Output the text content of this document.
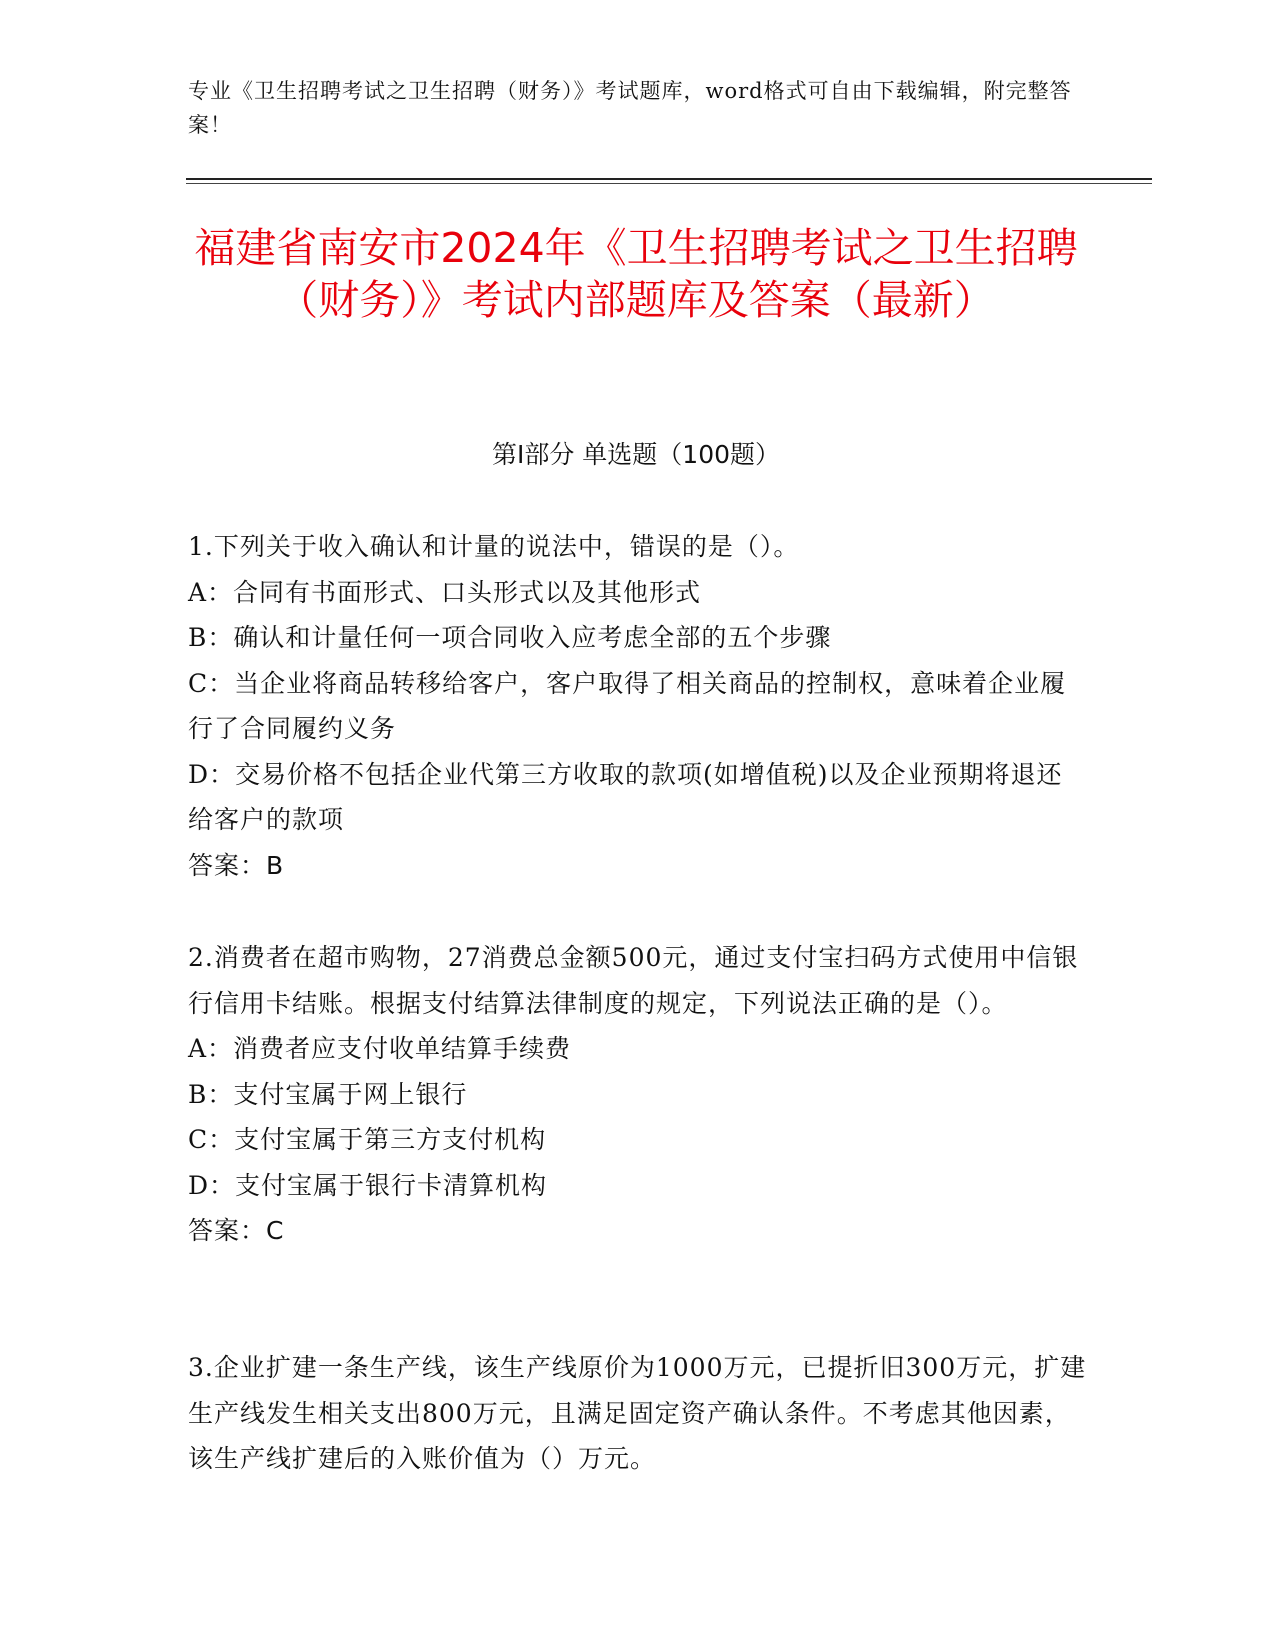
专业《卫生招聘考试之卫生招聘（财务）》考试题库，word格式可自由下载编辑，附完整答案！
福建省南安市2024年《卫生招聘考试之卫生招聘（财务）》考试内部题库及答案（最新）
第I部分 单选题（100题）
1.下列关于收入确认和计量的说法中，错误的是（）。
A：合同有书面形式、口头形式以及其他形式
B：确认和计量任何一项合同收入应考虑全部的五个步骤
C：当企业将商品转移给客户，客户取得了相关商品的控制权，意味着企业履行了合同履约义务
D：交易价格不包括企业代第三方收取的款项(如增值税)以及企业预期将退还给客户的款项
答案：B
2.消费者在超市购物，27消费总金额500元，通过支付宝扫码方式使用中信银行信用卡结账。根据支付结算法律制度的规定，下列说法正确的是（）。
A：消费者应支付收单结算手续费
B：支付宝属于网上银行
C：支付宝属于第三方支付机构
D：支付宝属于银行卡清算机构
答案：C
3.企业扩建一条生产线，该生产线原价为1000万元，已提折旧300万元，扩建生产线发生相关支出800万元，且满足固定资产确认条件。不考虑其他因素，该生产线扩建后的入账价值为（）万元。
